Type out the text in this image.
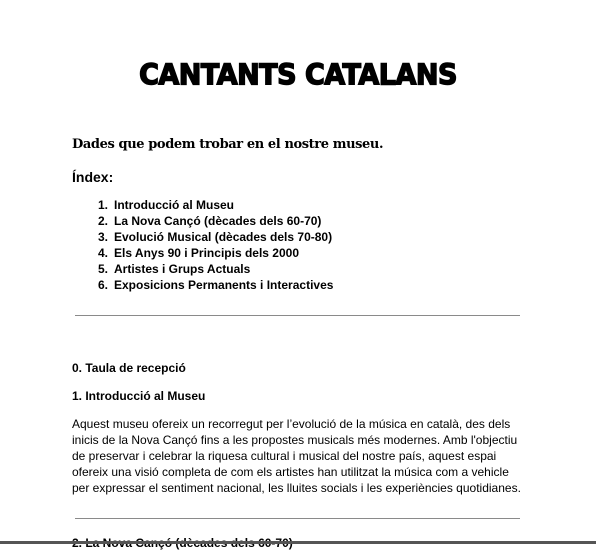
CANTANTS CATALANS
Dades que podem trobar en el nostre museu.
Índex:
1. Introducció al Museu
2. La Nova Cançó (dècades dels 60-70)
3. Evolució Musical (dècades dels 70-80)
4. Els Anys 90 i Principis dels 2000
5. Artistes i Grups Actuals
6. Exposicions Permanents i Interactives
0. Taula de recepció
1. Introducció al Museu
Aquest museu ofereix un recorregut per l’evolució de la música en català, des dels
inicis de la Nova Cançó fins a les propostes musicals més modernes. Amb l'objectiu
de preservar i celebrar la riquesa cultural i musical del nostre país, aquest espai
ofereix una visió completa de com els artistes han utilitzat la música com a vehicle
per expressar el sentiment nacional, les lluites socials i les experiències quotidianes.
